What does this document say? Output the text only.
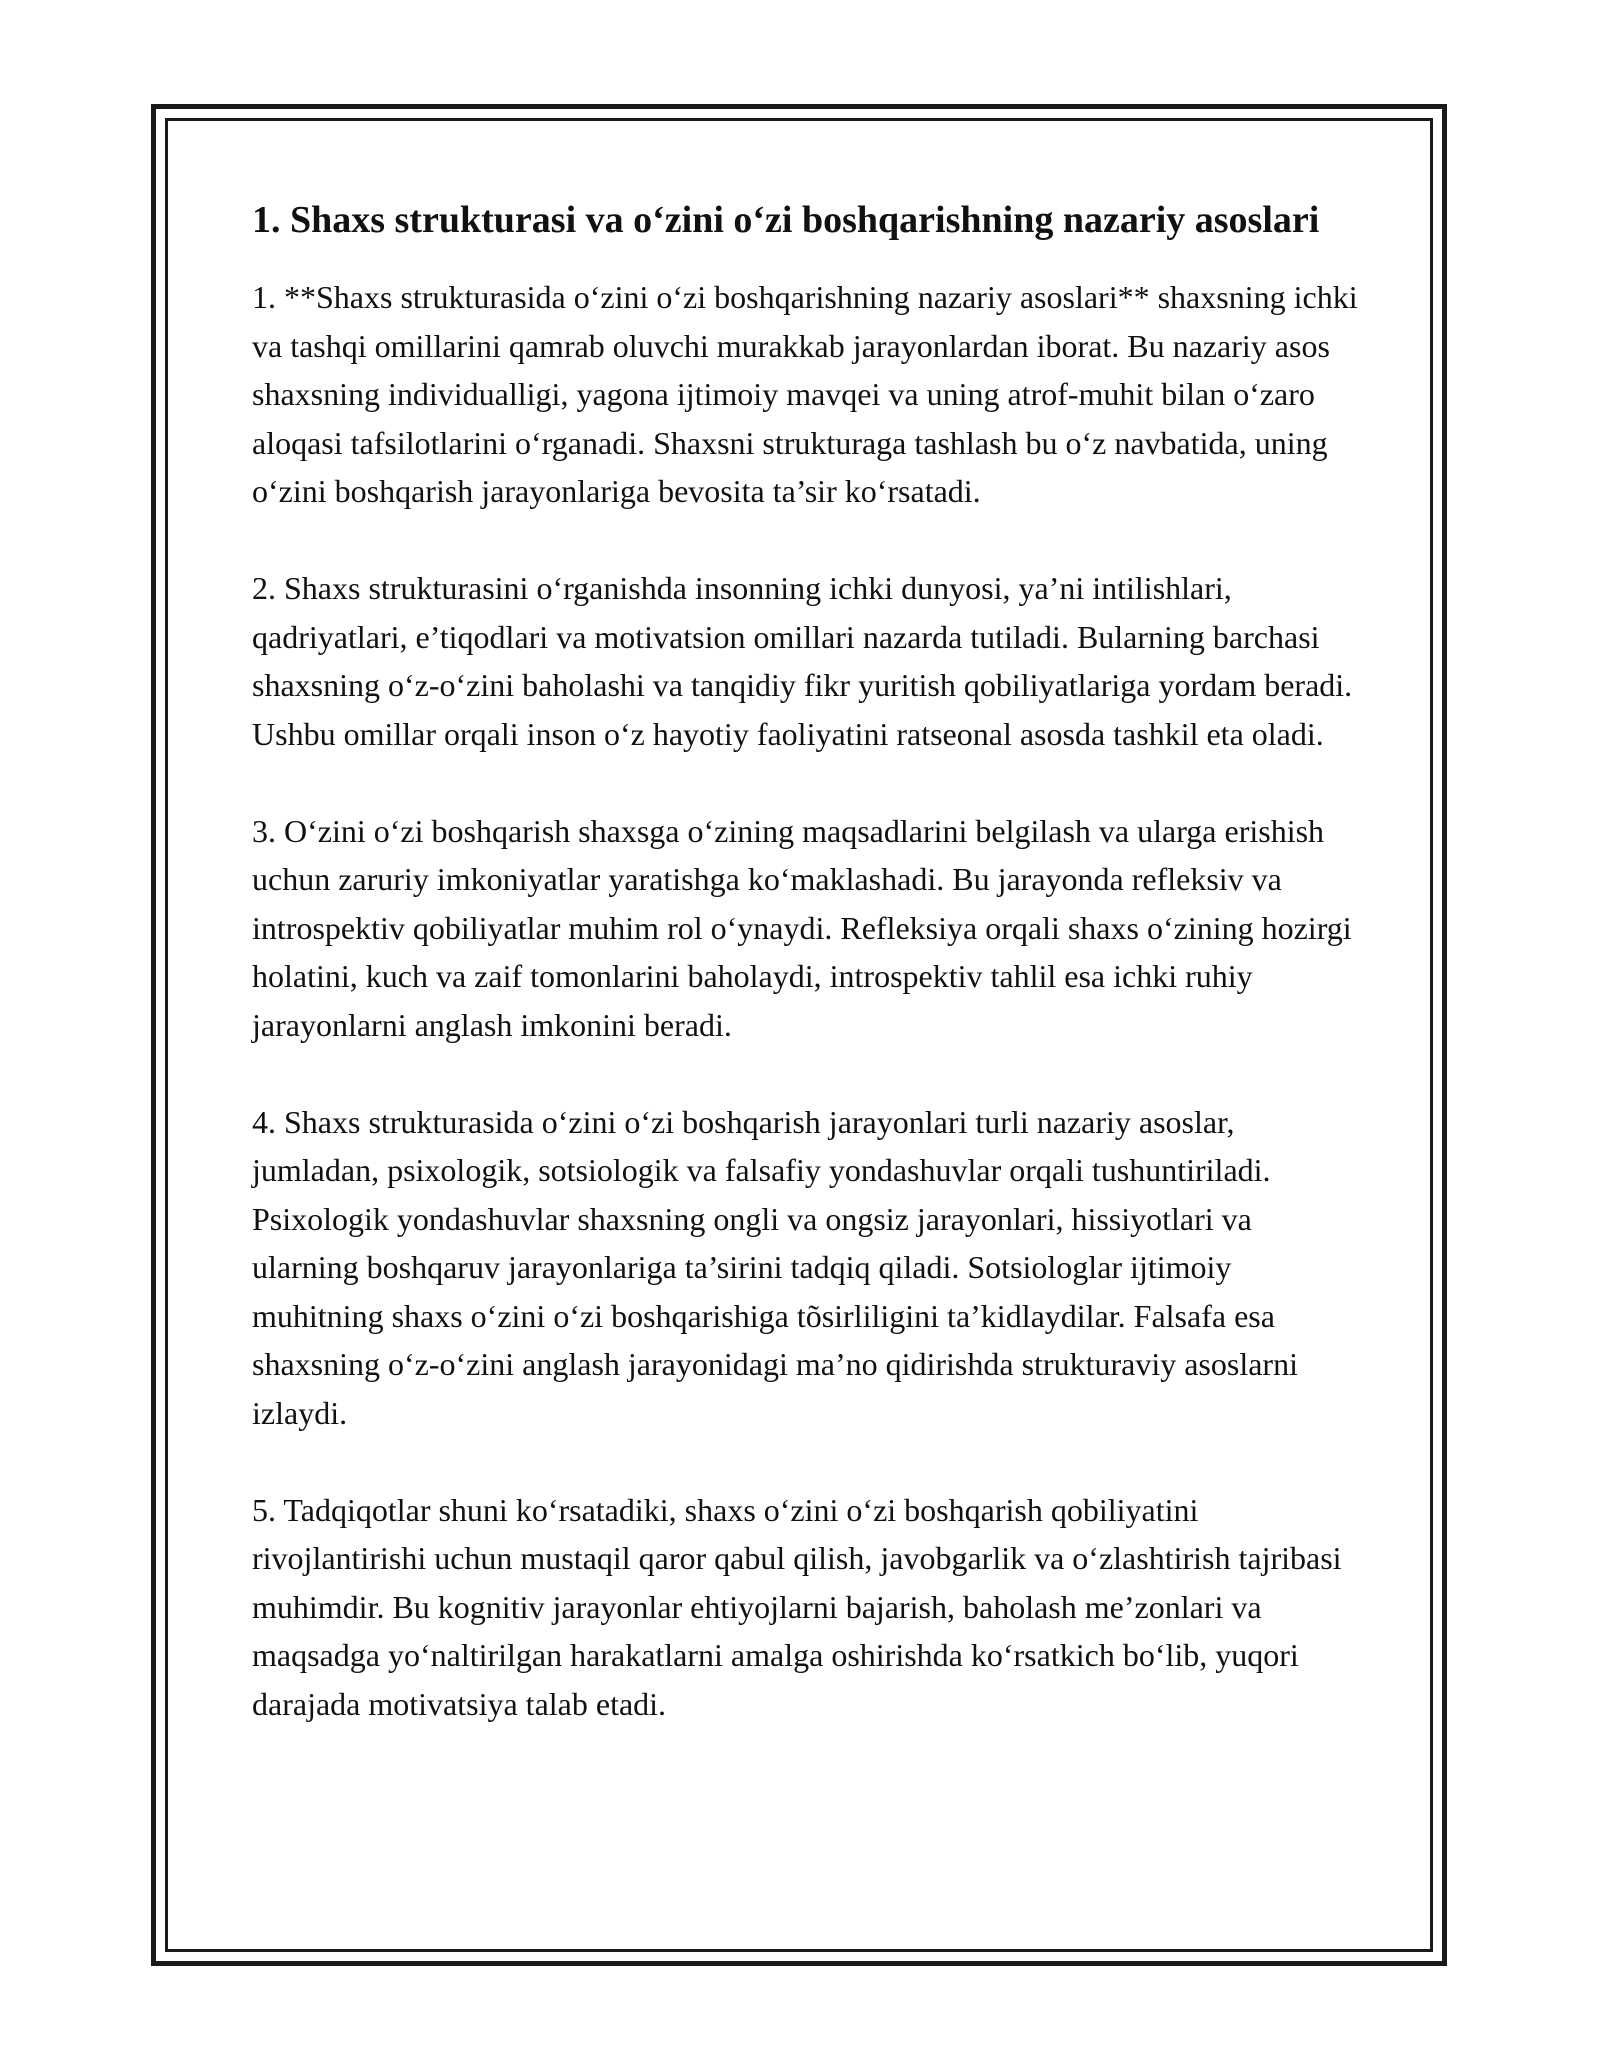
1. Shaxs strukturasi va o‘zini o‘zi boshqarishning nazariy asoslari

1. **Shaxs strukturasida o‘zini o‘zi boshqarishning nazariy asoslari** shaxsning ichki va tashqi omillarini qamrab oluvchi murakkab jarayonlardan iborat. Bu nazariy asos shaxsning individualligi, yagona ijtimoiy mavqei va uning atrof-muhit bilan o‘zaro aloqasi tafsilotlarini o‘rganadi. Shaxsni strukturaga tashlash bu o‘z navbatida, uning o‘zini boshqarish jarayonlariga bevosita ta’sir ko‘rsatadi.

2. Shaxs strukturasini o‘rganishda insonning ichki dunyosi, ya’ni intilishlari, qadriyatlari, e’tiqodlari va motivatsion omillari nazarda tutiladi. Bularning barchasi shaxsning o‘z-o‘zini baholashi va tanqidiy fikr yuritish qobiliyatlariga yordam beradi. Ushbu omillar orqali inson o‘z hayotiy faoliyatini ratseonal asosda tashkil eta oladi.

3. O‘zini o‘zi boshqarish shaxsga o‘zining maqsadlarini belgilash va ularga erishish uchun zaruriy imkoniyatlar yaratishga ko‘maklashadi. Bu jarayonda refleksiv va introspektiv qobiliyatlar muhim rol o‘ynaydi. Refleksiya orqali shaxs o‘zining hozirgi holatini, kuch va zaif tomonlarini baholaydi, introspektiv tahlil esa ichki ruhiy jarayonlarni anglash imkonini beradi.

4. Shaxs strukturasida o‘zini o‘zi boshqarish jarayonlari turli nazariy asoslar, jumladan, psixologik, sotsiologik va falsafiy yondashuvlar orqali tushuntiriladi. Psixologik yondashuvlar shaxsning ongli va ongsiz jarayonlari, hissiyotlari va ularning boshqaruv jarayonlariga ta’sirini tadqiq qiladi. Sotsiologlar ijtimoiy muhitning shaxs o‘zini o‘zi boshqarishiga tõsirliligini ta’kidlaydilar. Falsafa esa shaxsning o‘z-o‘zini anglash jarayonidagi ma’no qidirishda strukturaviy asoslarni izlaydi.

5. Tadqiqotlar shuni ko‘rsatadiki, shaxs o‘zini o‘zi boshqarish qobiliyatini rivojlantirishi uchun mustaqil qaror qabul qilish, javobgarlik va o‘zlashtirish tajribasi muhimdir. Bu kognitiv jarayonlar ehtiyojlarni bajarish, baholash me’zonlari va maqsadga yo‘naltirilgan harakatlarni amalga oshirishda ko‘rsatkich bo‘lib, yuqori darajada motivatsiya talab etadi.
